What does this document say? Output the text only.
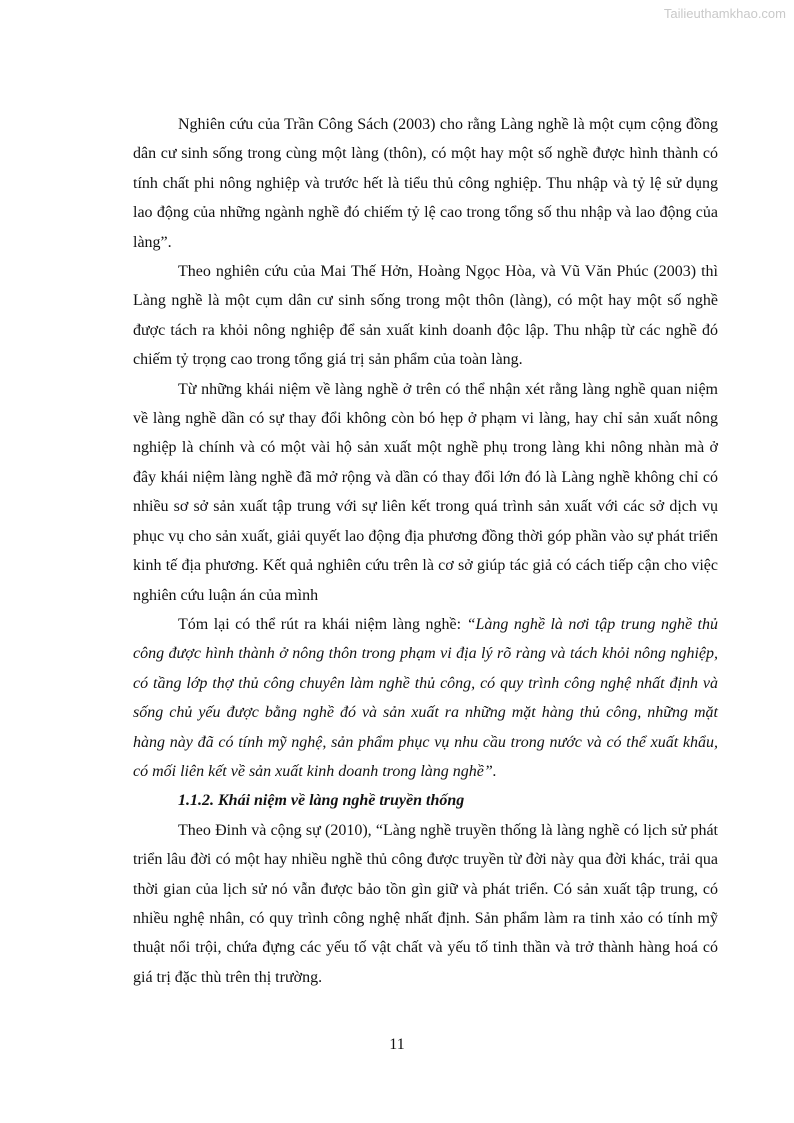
Tailieuthamkhao.com

Nghiên cứu của Trần Công Sách (2003) cho rằng Làng nghề là một cụm cộng đồng dân cư sinh sống trong cùng một làng (thôn), có một hay một số nghề được hình thành có tính chất phi nông nghiệp và trước hết là tiểu thủ công nghiệp. Thu nhập và tỷ lệ sử dụng lao động của những ngành nghề đó chiếm tỷ lệ cao trong tổng số thu nhập và lao động của làng”.

Theo nghiên cứu của Mai Thế Hởn, Hoàng Ngọc Hòa, và Vũ Văn Phúc (2003) thì Làng nghề là một cụm dân cư sinh sống trong một thôn (làng), có một hay một số nghề được tách ra khỏi nông nghiệp để sản xuất kinh doanh độc lập. Thu nhập từ các nghề đó chiếm tỷ trọng cao trong tổng giá trị sản phẩm của toàn làng.

Từ những khái niệm về làng nghề ở trên có thể nhận xét rằng làng nghề quan niệm về làng nghề dần có sự thay đổi không còn bó hẹp ở phạm vi làng, hay chỉ sản xuất nông nghiệp là chính và có một vài hộ sản xuất một nghề phụ trong làng khi nông nhàn mà ở đây khái niệm làng nghề đã mở rộng và dần có thay đổi lớn đó là Làng nghề không chỉ có nhiều sơ sở sản xuất tập trung với sự liên kết trong quá trình sản xuất với các sở dịch vụ phục vụ cho sản xuất, giải quyết lao động địa phương đồng thời góp phần vào sự phát triển kinh tế địa phương. Kết quả nghiên cứu trên là cơ sở giúp tác giả có cách tiếp cận cho việc nghiên cứu luận án của mình

Tóm lại có thể rút ra khái niệm làng nghề: “Làng nghề là nơi tập trung nghề thủ công được hình thành ở nông thôn trong phạm vi địa lý rõ ràng và tách khỏi nông nghiệp, có tầng lớp thợ thủ công chuyên làm nghề thủ công, có quy trình công nghệ nhất định và sống chủ yếu được bằng nghề đó và sản xuất ra những mặt hàng thủ công, những mặt hàng này đã có tính mỹ nghệ, sản phẩm phục vụ nhu cầu trong nước và có thể xuất khẩu, có mối liên kết về sản xuất kinh doanh trong làng nghề”.

1.1.2. Khái niệm về làng nghề truyền thống

Theo Đinh và cộng sự (2010), “Làng nghề truyền thống là làng nghề có lịch sử phát triển lâu đời có một hay nhiều nghề thủ công được truyền từ đời này qua đời khác, trải qua thời gian của lịch sử nó vẫn được bảo tồn gìn giữ và phát triển. Có sản xuất tập trung, có nhiều nghệ nhân, có quy trình công nghệ nhất định. Sản phẩm làm ra tinh xảo có tính mỹ thuật nổi trội, chứa đựng các yếu tố vật chất và yếu tố tinh thần và trở thành hàng hoá có giá trị đặc thù trên thị trường.

11
